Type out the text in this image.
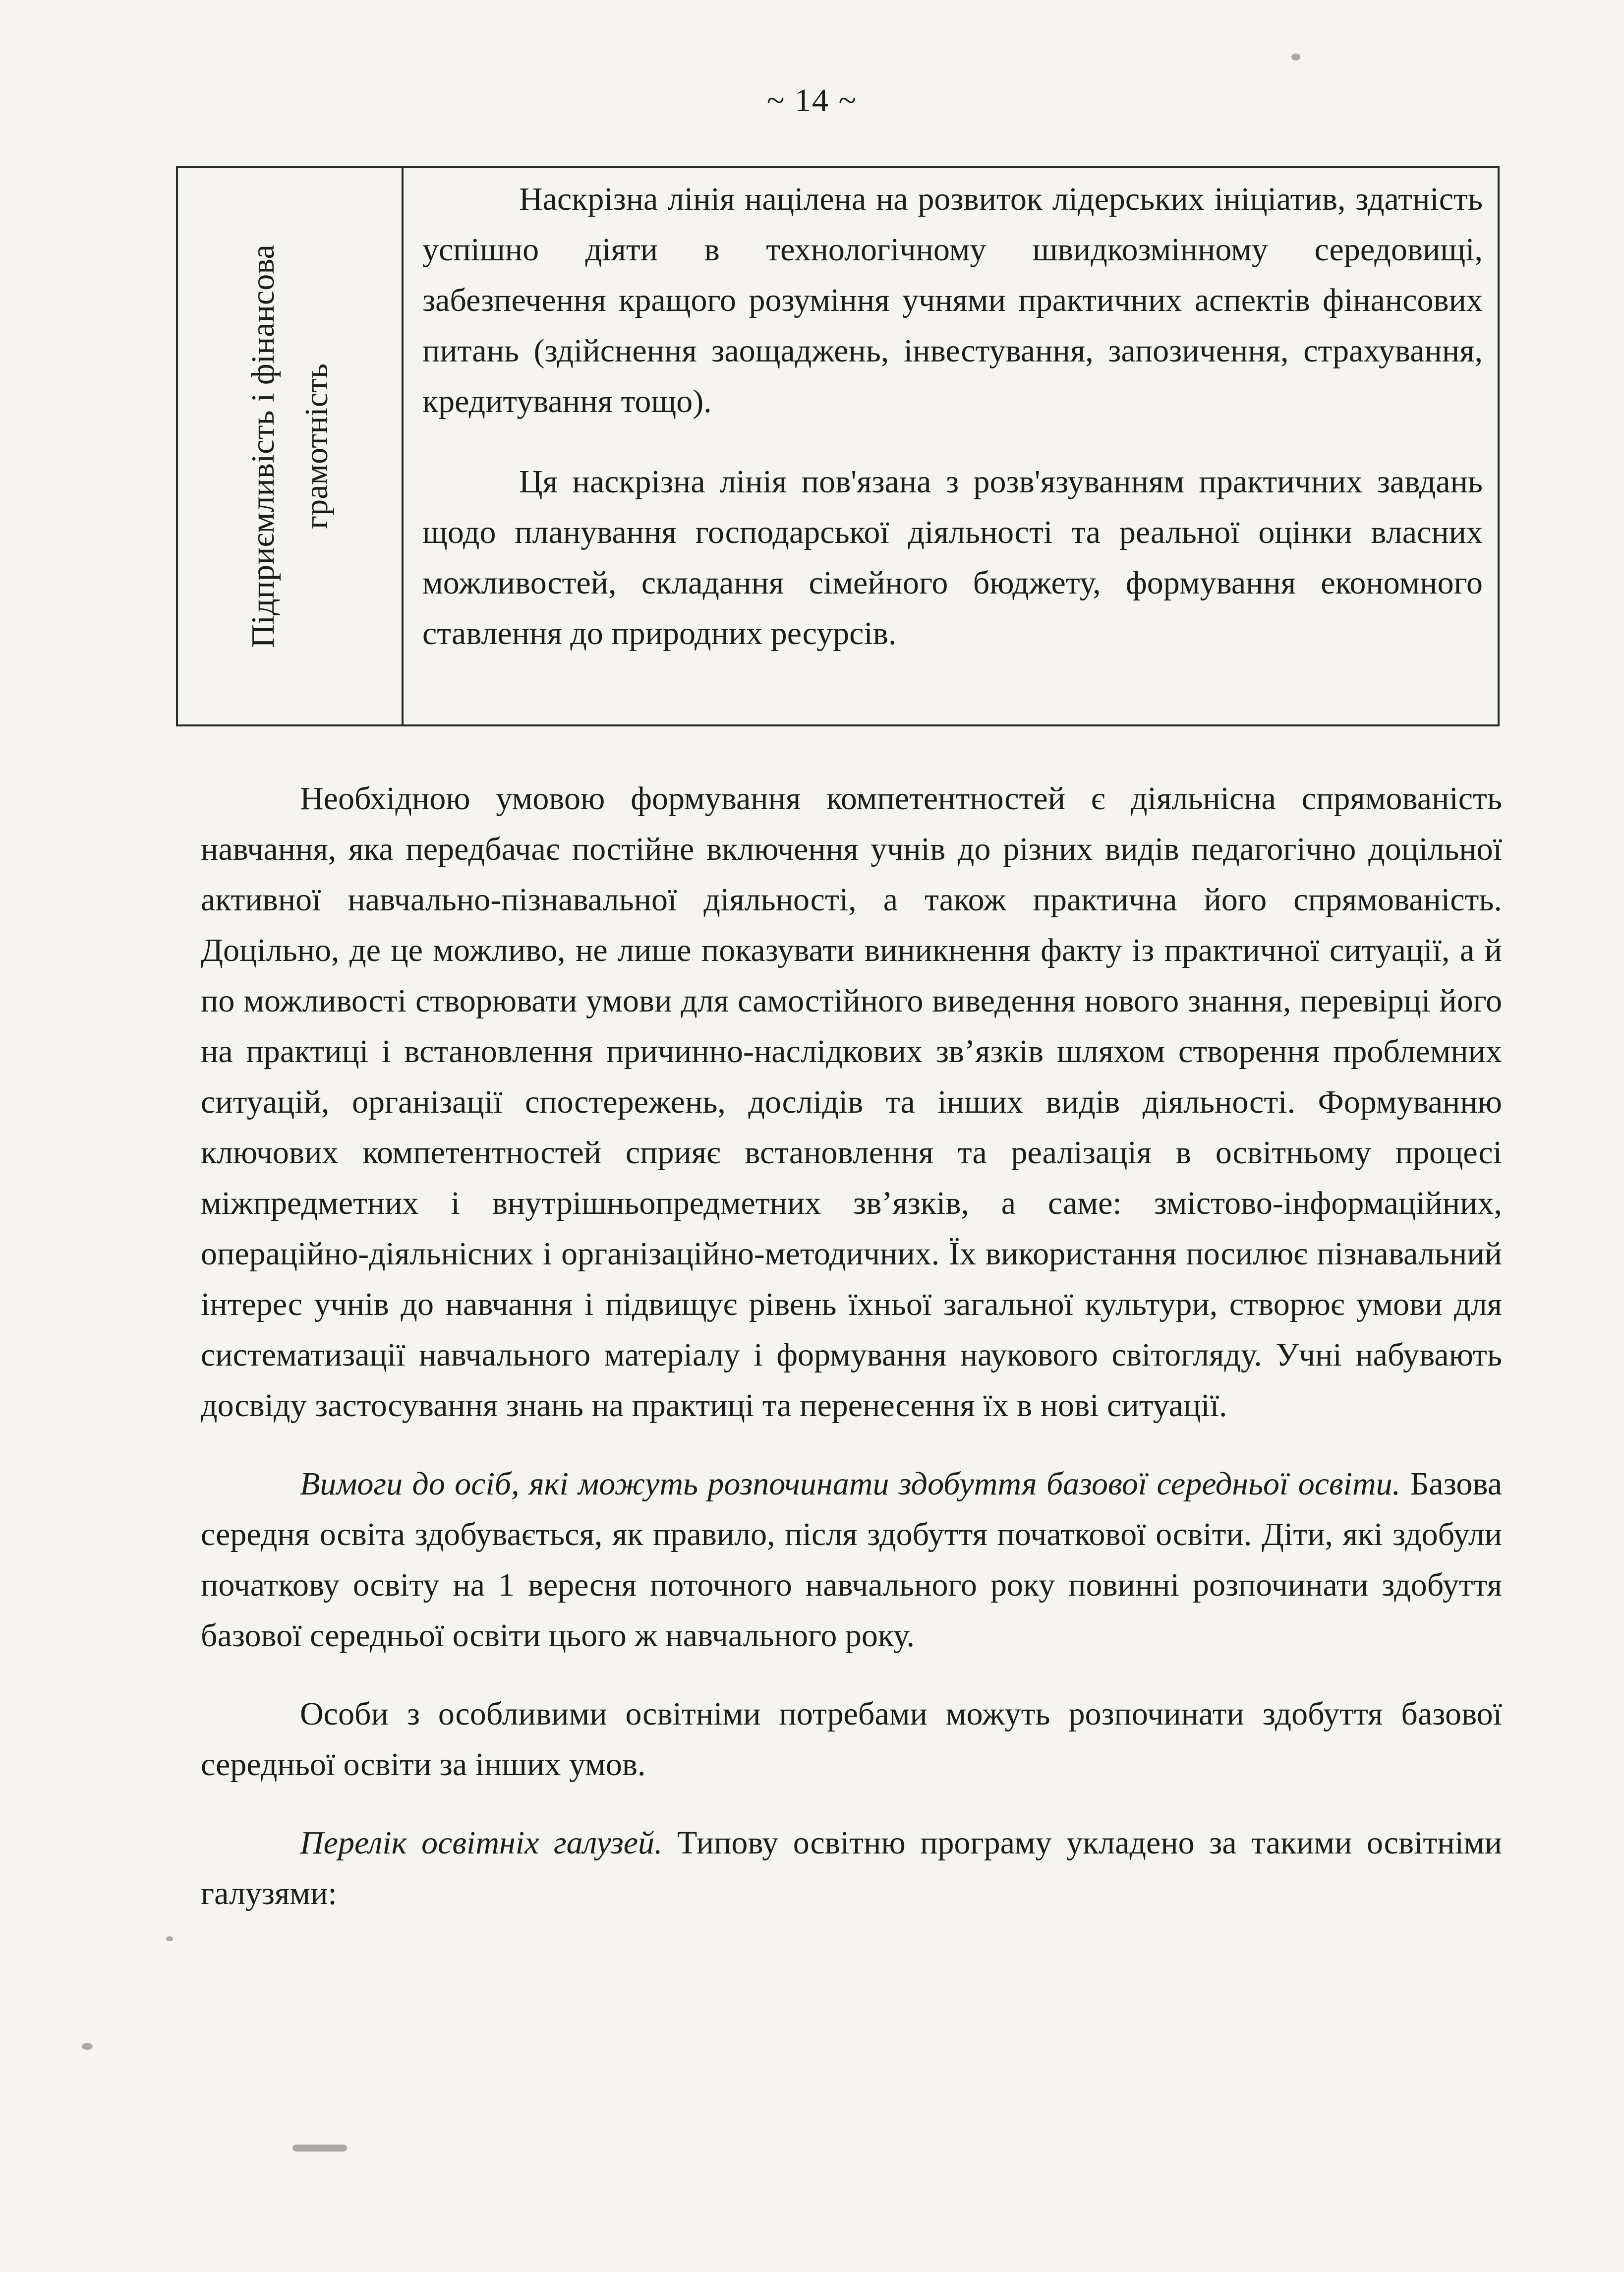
~ 14 ~
Підприємливість і фінансова грамотність

Наскрізна лінія націлена на розвиток лідерських ініціатив, здатність успішно діяти в технологічному швидкозмінному середовищі, забезпечення кращого розуміння учнями практичних аспектів фінансових питань (здійснення заощаджень, інвестування, запозичення, страхування, кредитування тощо).

Ця наскрізна лінія пов'язана з розв'язуванням практичних завдань щодо планування господарської діяльності та реальної оцінки власних можливостей, складання сімейного бюджету, формування економного ставлення до природних ресурсів.

Необхідною умовою формування компетентностей є діяльнісна спрямованість навчання, яка передбачає постійне включення учнів до різних видів педагогічно доцільної активної навчально-пізнавальної діяльності, а також практична його спрямованість. Доцільно, де це можливо, не лише показувати виникнення факту із практичної ситуації, а й по можливості створювати умови для самостійного виведення нового знання, перевірці його на практиці і встановлення причинно-наслідкових зв’язків шляхом створення проблемних ситуацій, організації спостережень, дослідів та інших видів діяльності. Формуванню ключових компетентностей сприяє встановлення та реалізація в освітньому процесі міжпредметних і внутрішньопредметних зв’язків, а саме: змістово-інформаційних, операційно-діяльнісних і організаційно-методичних. Їх використання посилює пізнавальний інтерес учнів до навчання і підвищує рівень їхньої загальної культури, створює умови для систематизації навчального матеріалу і формування наукового світогляду. Учні набувають досвіду застосування знань на практиці та перенесення їх в нові ситуації.

Вимоги до осіб, які можуть розпочинати здобуття базової середньої освіти. Базова середня освіта здобувається, як правило, після здобуття початкової освіти. Діти, які здобули початкову освіту на 1 вересня поточного навчального року повинні розпочинати здобуття базової середньої освіти цього ж навчального року.

Особи з особливими освітніми потребами можуть розпочинати здобуття базової середньої освіти за інших умов.

Перелік освітніх галузей. Типову освітню програму укладено за такими освітніми галузями:
